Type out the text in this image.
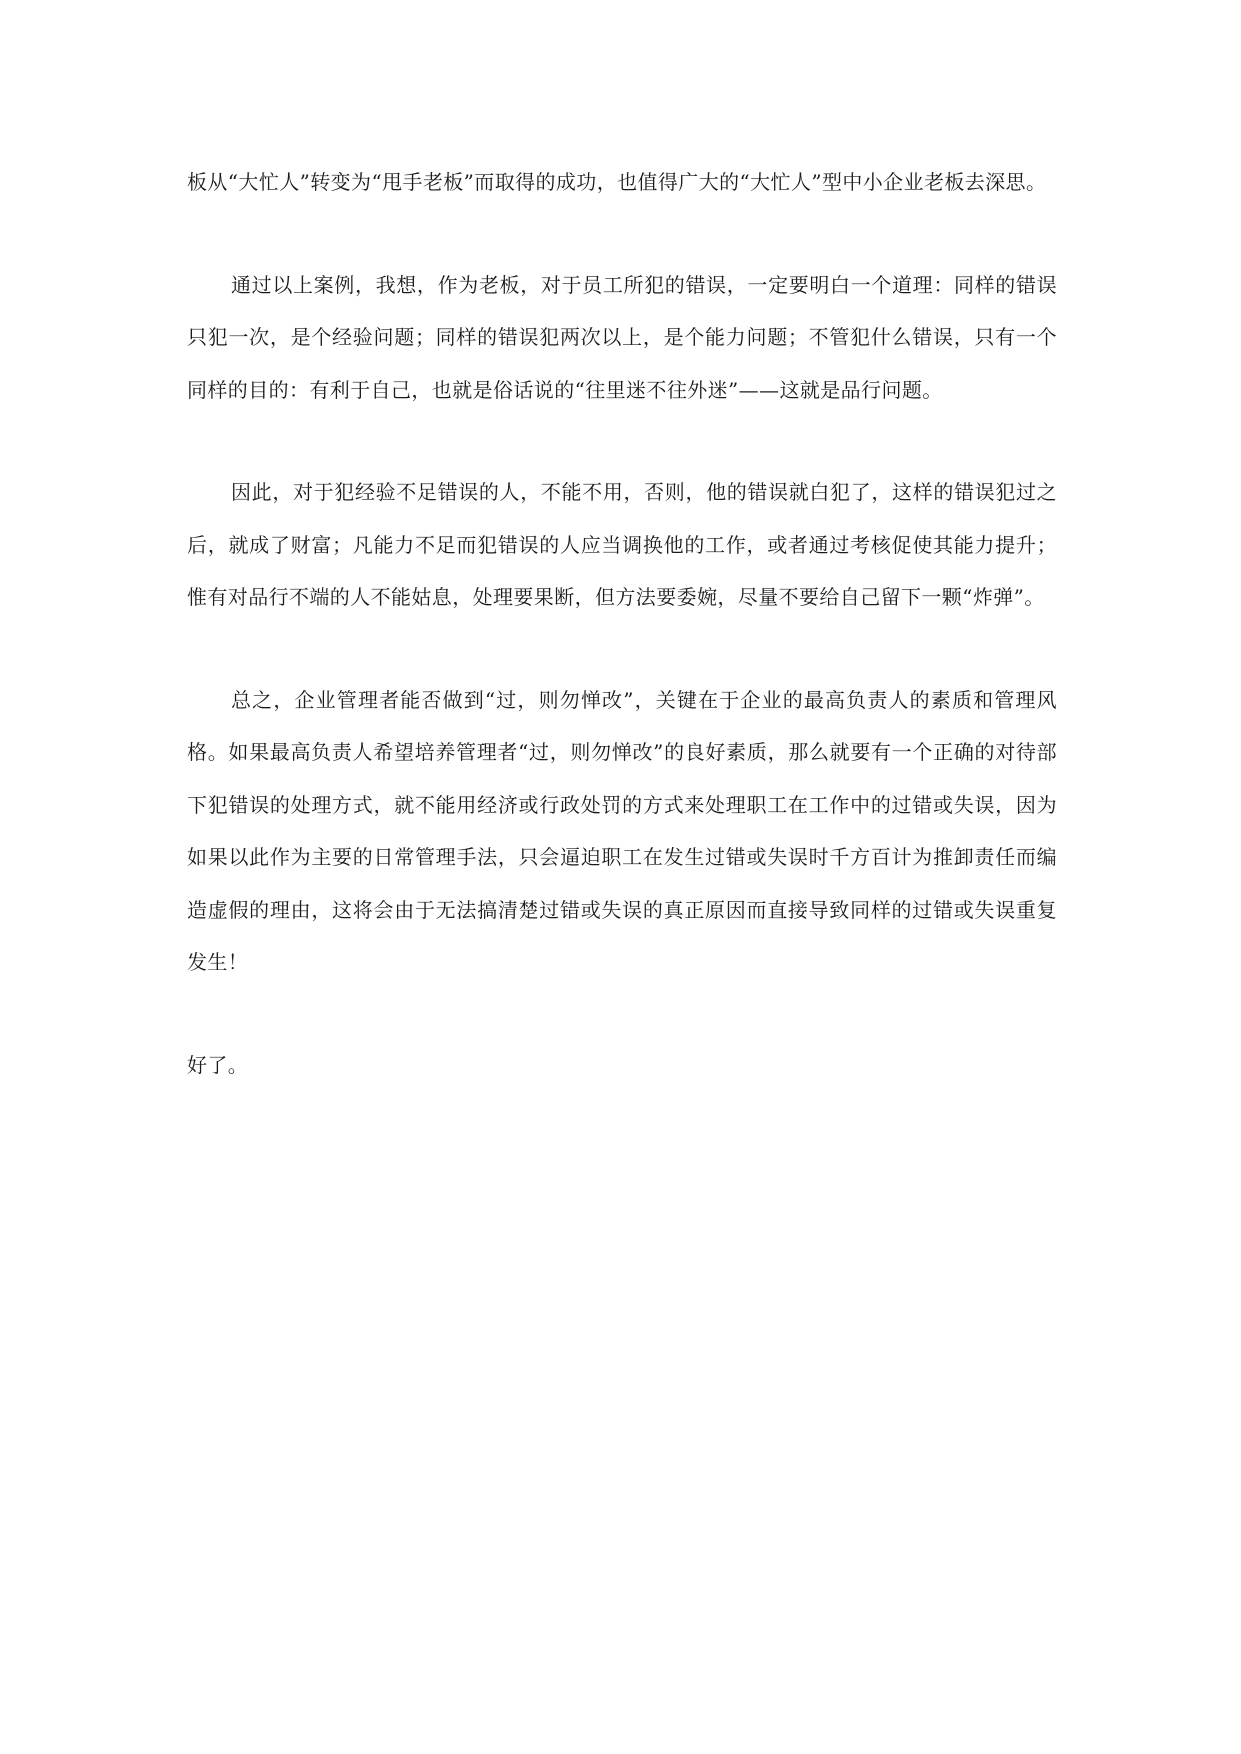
板从“大忙人”转变为“甩手老板”而取得的成功，也值得广大的“大忙人”型中小企业老板去深思。

通过以上案例，我想，作为老板，对于员工所犯的错误，一定要明白一个道理：同样的错误只犯一次，是个经验问题；同样的错误犯两次以上，是个能力问题；不管犯什么错误，只有一个同样的目的：有利于自己，也就是俗话说的“往里迷不往外迷”——这就是品行问题。

因此，对于犯经验不足错误的人，不能不用，否则，他的错误就白犯了，这样的错误犯过之后，就成了财富；凡能力不足而犯错误的人应当调换他的工作，或者通过考核促使其能力提升；惟有对品行不端的人不能姑息，处理要果断，但方法要委婉，尽量不要给自己留下一颗“炸弹”。

总之，企业管理者能否做到“过，则勿惮改”，关键在于企业的最高负责人的素质和管理风格。如果最高负责人希望培养管理者“过，则勿惮改”的良好素质，那么就要有一个正确的对待部下犯错误的处理方式，就不能用经济或行政处罚的方式来处理职工在工作中的过错或失误，因为如果以此作为主要的日常管理手法，只会逼迫职工在发生过错或失误时千方百计为推卸责任而编造虚假的理由，这将会由于无法搞清楚过错或失误的真正原因而直接导致同样的过错或失误重复发生！

好了。
